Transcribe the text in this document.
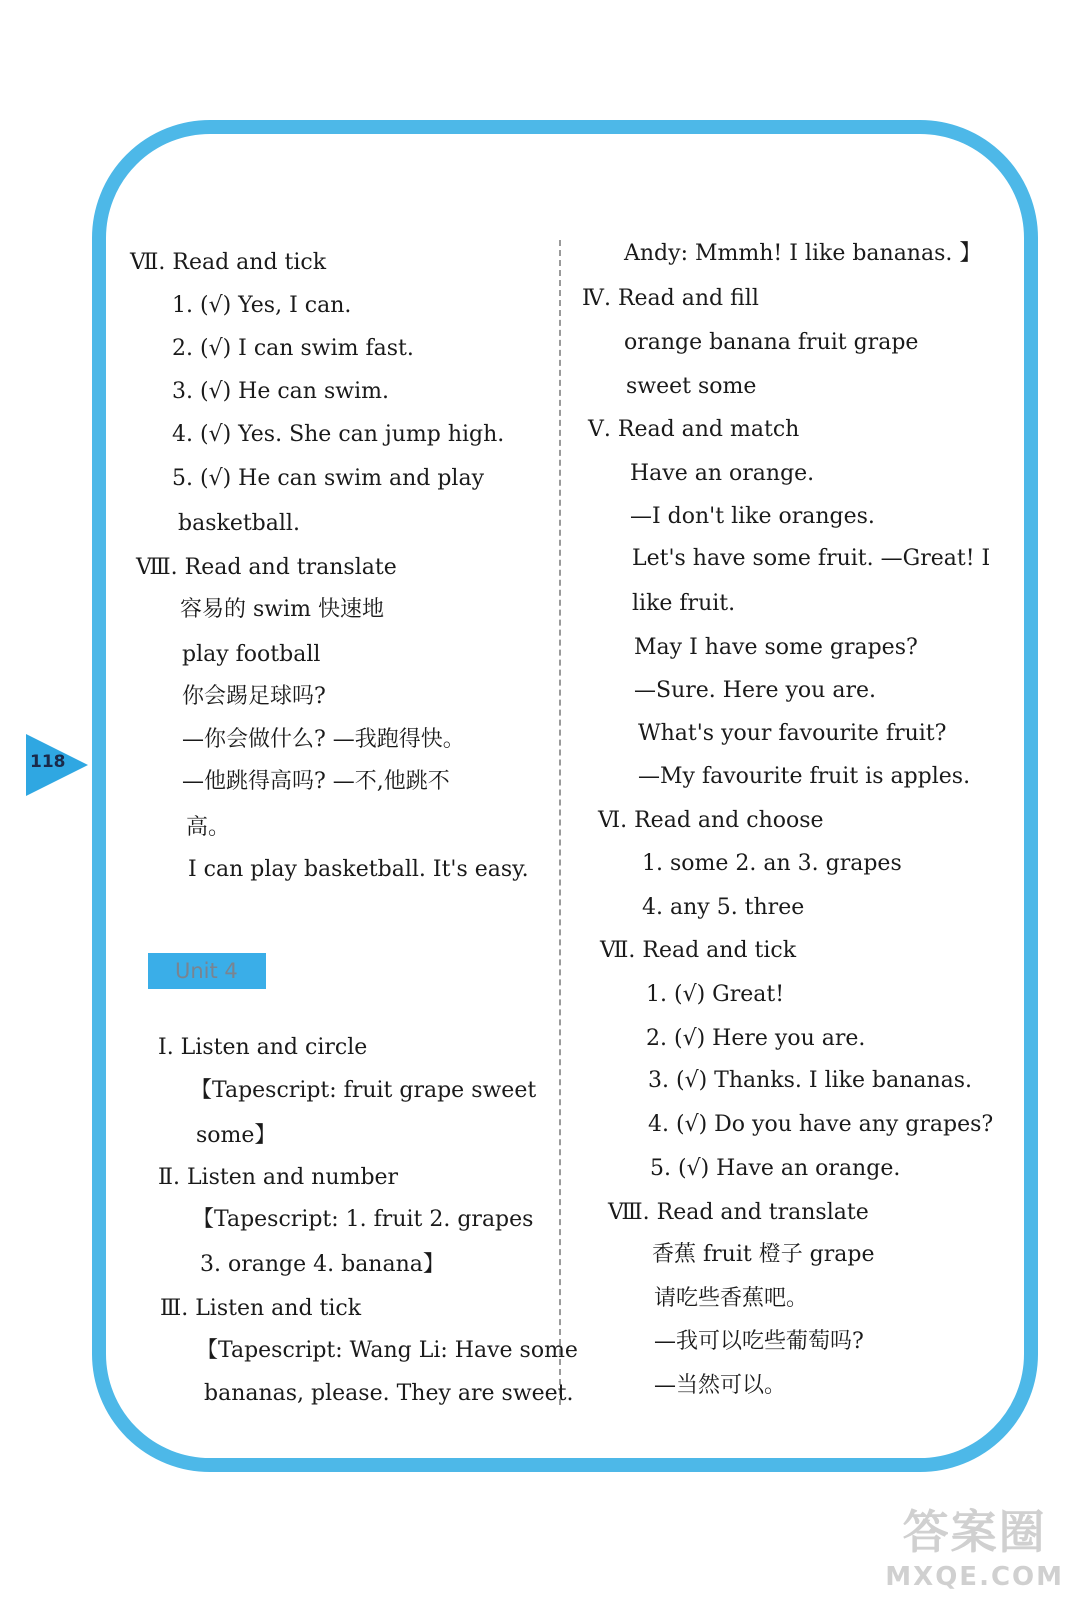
118
Ⅶ. Read and tick
1. (√) Yes, I can.
2. (√) I can swim fast.
3. (√) He can swim.
4. (√) Yes. She can jump high.
5. (√) He can swim and play
basketball.
Ⅷ. Read and translate
容易的 swim 快速地
play football
你会踢足球吗?
—你会做什么? —我跑得快。
—他跳得高吗? —不,他跳不
高。
I can play basketball. It's easy.
Unit 4
Ⅰ. Listen and circle
【Tapescript: fruit grape sweet
some】
Ⅱ. Listen and number
【Tapescript: 1. fruit 2. grapes
3. orange 4. banana】
Ⅲ. Listen and tick
【Tapescript: Wang Li: Have some
bananas, please. They are sweet.
Andy: Mmmh! I like bananas. 】
Ⅳ. Read and fill
orange banana fruit grape
sweet some
Ⅴ. Read and match
Have an orange.
—I don't like oranges.
Let's have some fruit. —Great! I
like fruit.
May I have some grapes?
—Sure. Here you are.
What's your favourite fruit?
—My favourite fruit is apples.
Ⅵ. Read and choose
1. some 2. an 3. grapes
4. any 5. three
Ⅶ. Read and tick
1. (√) Great!
2. (√) Here you are.
3. (√) Thanks. I like bananas.
4. (√) Do you have any grapes?
5. (√) Have an orange.
Ⅷ. Read and translate
香蕉 fruit 橙子 grape
请吃些香蕉吧。
—我可以吃些葡萄吗?
—当然可以。
答案圈
MXQE.COM
